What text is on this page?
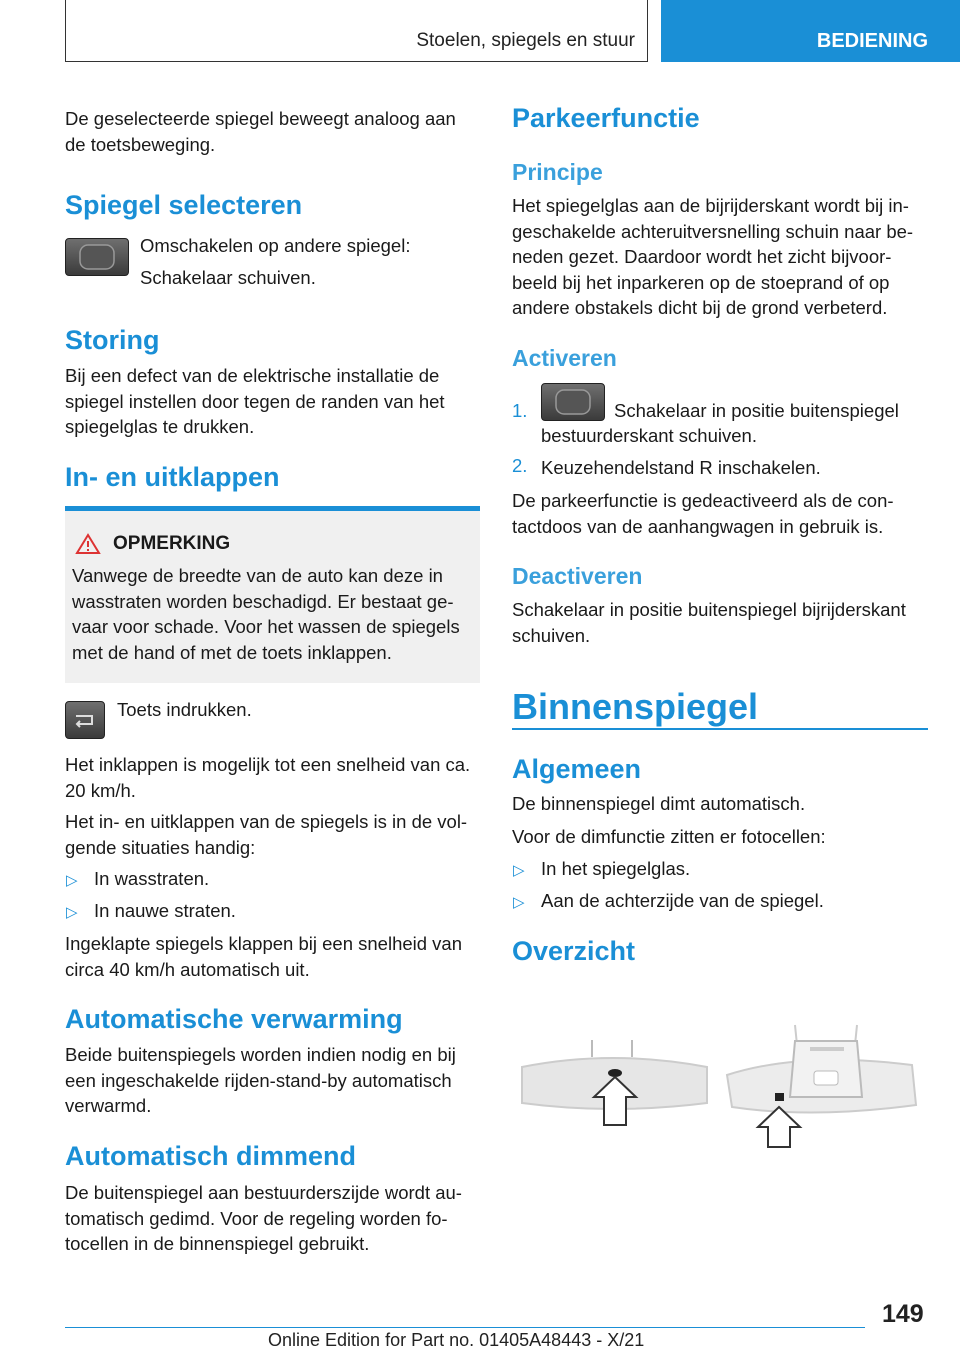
Stoelen, spiegels en stuur	BEDIENING

De geselecteerde spiegel beweegt analoog aan de toetsbeweging.

Spiegel selecteren

Omschakelen op andere spiegel:

Schakelaar schuiven.

Storing

Bij een defect van de elektrische installatie de spiegel instellen door tegen de randen van het spiegelglas te drukken.

In- en uitklappen
OPMERKING

Vanwege de breedte van de auto kan deze in wasstraten worden beschadigd. Er bestaat ge-vaar voor schade. Voor het wassen de spiegels met de hand of met de toets inklappen.

Toets indrukken.

Het inklappen is mogelijk tot een snelheid van ca. 20 km/h.

Het in- en uitklappen van de spiegels is in de vol-gende situaties handig:

▷ In wasstraten.

▷ In nauwe straten.

Ingeklapte spiegels klappen bij een snelheid van circa 40 km/h automatisch uit.

Automatische verwarming

Beide buitenspiegels worden indien nodig en bij een ingeschakelde rijden-stand-by automatisch verwarmd.

Automatisch dimmend

De buitenspiegel aan bestuurderszijde wordt au-tomatisch gedimd. Voor de regeling worden fo-tocellen in de binnenspiegel gebruikt.

Parkeerfunctie
Principe

Het spiegelglas aan de bijrijderskant wordt bij in-geschakelde achteruitversnelling schuin naar be-neden gezet. Daardoor wordt het zicht bijvoor-beeld bij het inparkeren op de stoeprand of op andere obstakels dicht bij de grond verbeterd.

Activeren
1.	Schakelaar in positie buitenspiegel

bestuurderskant schuiven.

2. Keuzehendelstand R inschakelen.

De parkeerfunctie is gedeactiveerd als de con-tactdoos van de aanhangwagen in gebruik is.

Deactiveren

Schakelaar in positie buitenspiegel bijrijderskant schuiven.

Binnenspiegel
Algemeen

De binnenspiegel dimt automatisch.

Voor de dimfunctie zitten er fotocellen:

▷ In het spiegelglas.

▷ Aan de achterzijde van de spiegel.

Overzicht
149
Online Edition for Part no. 01405A48443 - X/21
